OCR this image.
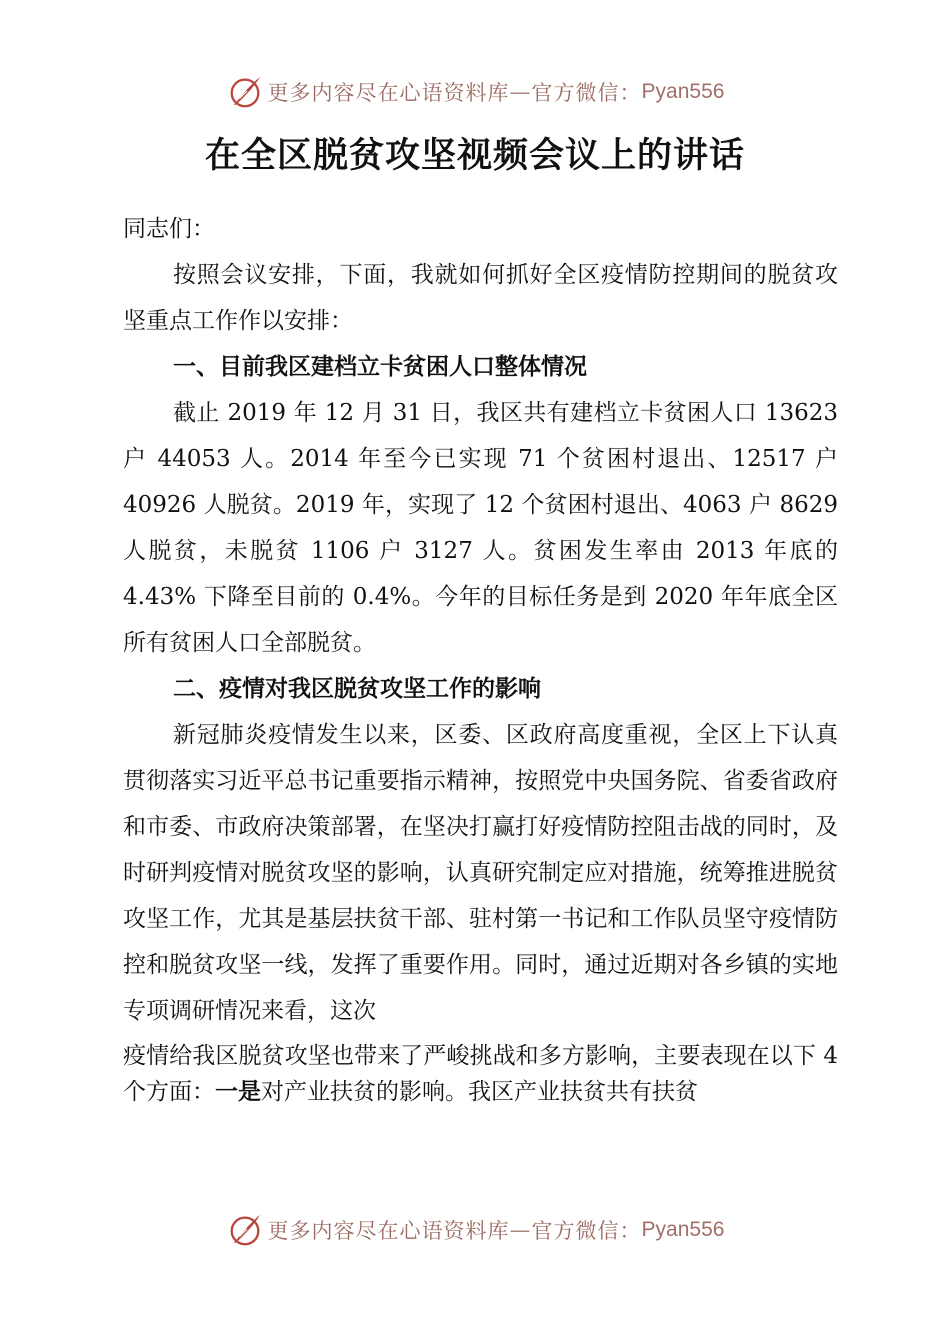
更多内容尽在心语资料库 — 官方微信： Pyan556
在全区脱贫攻坚视频会议上的讲话

同志们：

按照会议安排，下面，我就如何抓好全区疫情防控期间的脱贫攻坚重点工作作以安排：

一、目前我区建档立卡贫困人口整体情况

截止 2019 年 12 月 31 日，我区共有建档立卡贫困人口 13623 户 44053 人。2014 年至今已实现 71 个贫困村退出、12517 户 40926 人脱贫。2019 年，实现了 12 个贫困村退出、4063 户 8629 人脱贫，未脱贫 1106 户 3127 人。贫困发生率由 2013 年底的 4.43% 下降至目前的 0.4%。今年的目标任务是到 2020 年年底全区所有贫困人口全部脱贫。

二、疫情对我区脱贫攻坚工作的影响

新冠肺炎疫情发生以来，区委、区政府高度重视，全区上下认真贯彻落实习近平总书记重要指示精神，按照党中央国务院、省委省政府和市委、市政府决策部署，在坚决打赢打好疫情防控阻击战的同时，及时研判疫情对脱贫攻坚的影响，认真研究制定应对措施，统筹推进脱贫攻坚工作，尤其是基层扶贫干部、驻村第一书记和工作队员坚守疫情防控和脱贫攻坚一线，发挥了重要作用。同时，通过近期对各乡镇的实地专项调研情况来看，这次

疫情给我区脱贫攻坚也带来了严峻挑战和多方影响，主要表现在以下 4 个方面：一是对产业扶贫的影响。我区产业扶贫共有扶贫

更多内容尽在心语资料库 — 官方微信： Pyan556
